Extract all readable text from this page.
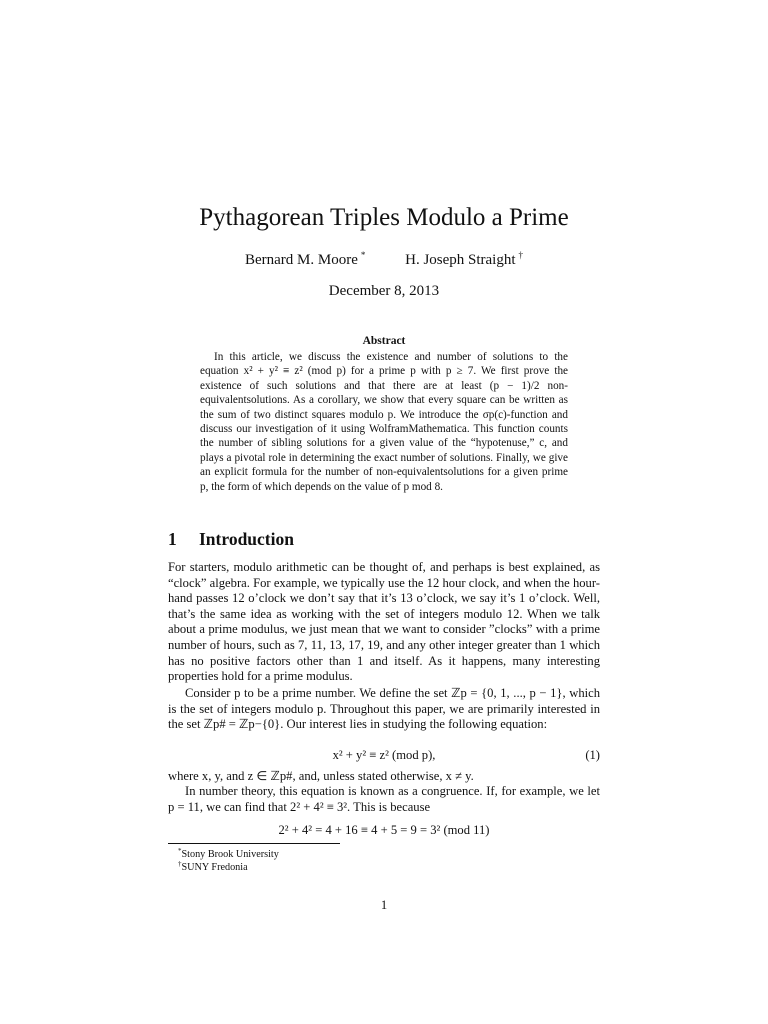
Pythagorean Triples Modulo a Prime
Bernard M. Moore *	H. Joseph Straight †
December 8, 2013
Abstract
In this article, we discuss the existence and number of solutions to the equation x² + y² ≡ z² (mod p) for a prime p with p ≥ 7. We first prove the existence of such solutions and that there are at least (p − 1)/2 non-equivalentsolutions. As a corollary, we show that every square can be written as the sum of two distinct squares modulo p. We introduce the σp(c)-function and discuss our investigation of it using WolframMathematica. This function counts the number of sibling solutions for a given value of the “hypotenuse,” c, and plays a pivotal role in determining the exact number of solutions. Finally, we give an explicit formula for the number of non-equivalentsolutions for a given prime p, the form of which depends on the value of p mod 8.
1 Introduction
For starters, modulo arithmetic can be thought of, and perhaps is best explained, as “clock” algebra. For example, we typically use the 12 hour clock, and when the hour-hand passes 12 o’clock we don’t say that it’s 13 o’clock, we say it’s 1 o’clock. Well, that’s the same idea as working with the set of integers modulo 12. When we talk about a prime modulus, we just mean that we want to consider ”clocks” with a prime number of hours, such as 7, 11, 13, 17, 19, and any other integer greater than 1 which has no positive factors other than 1 and itself. As it happens, many interesting properties hold for a prime modulus.
Consider p to be a prime number. We define the set ℤp = {0, 1, ..., p − 1}, which is the set of integers modulo p. Throughout this paper, we are primarily interested in the set ℤp# = ℤp−{0}. Our interest lies in studying the following equation:
x² + y² ≡ z² (mod p),	(1)
where x, y, and z ∈ ℤp#, and, unless stated otherwise, x ≠ y.
In number theory, this equation is known as a congruence. If, for example, we let p = 11, we can find that 2² + 4² ≡ 3². This is because
2² + 4² = 4 + 16 ≡ 4 + 5 = 9 = 3² (mod 11)
*Stony Brook University
†SUNY Fredonia
1
